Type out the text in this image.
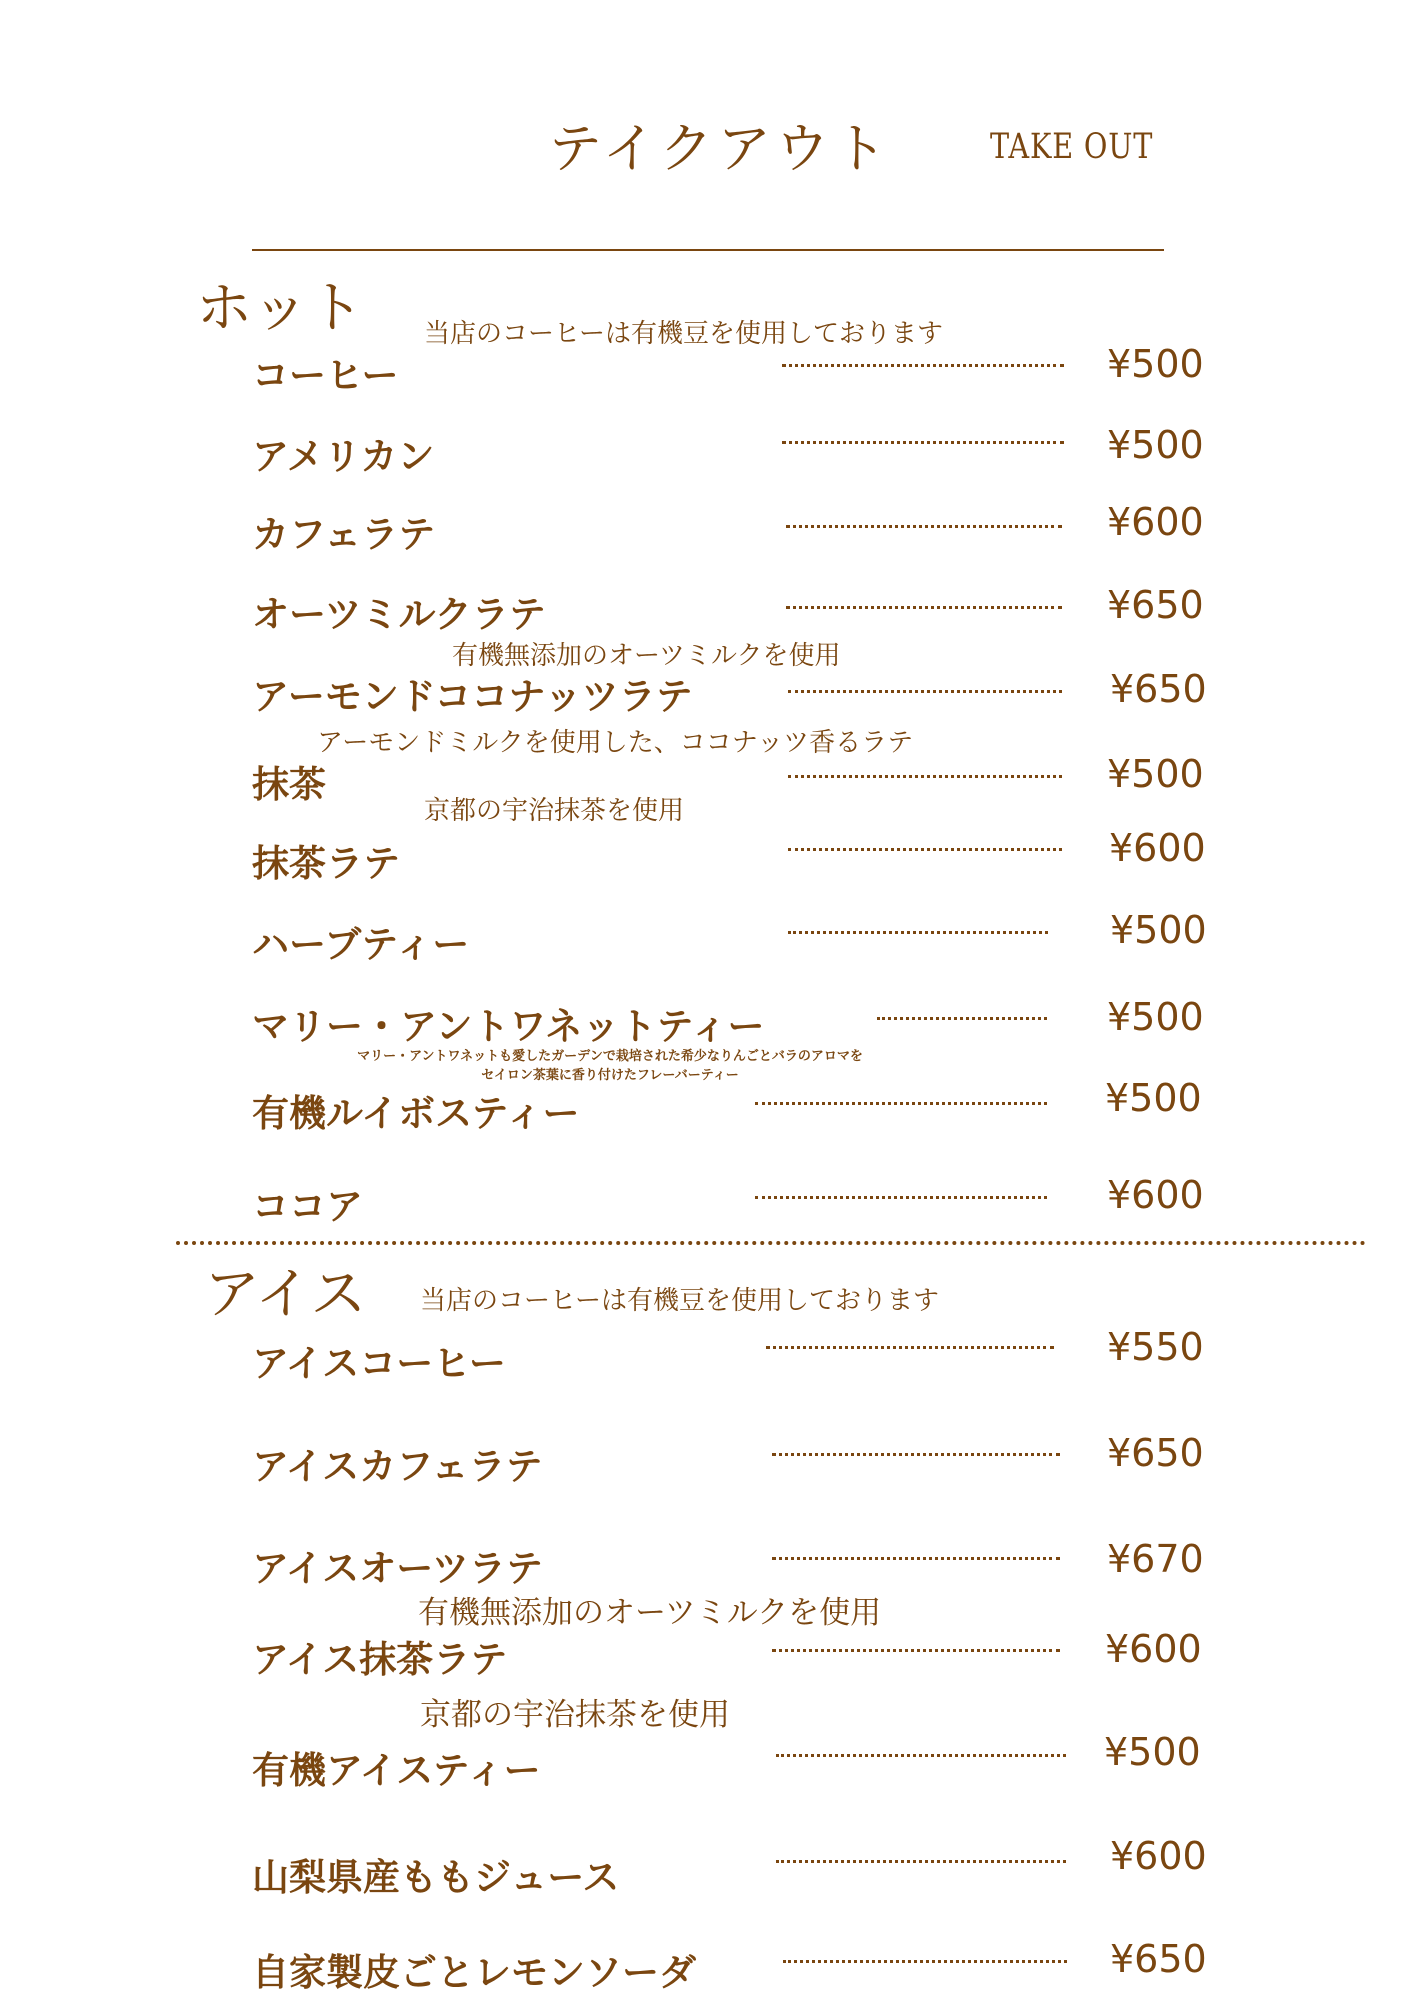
テイクアウト	TAKE OUT
ホット 当店のコーヒーは有機豆を使用しております
コーヒー	¥500
アメリカン	¥500
カフェラテ	¥600
オーツミルクラテ	¥650
有機無添加のオーツミルクを使用
アーモンドココナッツラテ	¥650
アーモンドミルクを使用した、ココナッツ香るラテ
抹茶	¥500
京都の宇治抹茶を使用
抹茶ラテ	¥600
ハーブティー	¥500
マリー・アントワネットティー	¥500
マリー・アントワネットも愛したガーデンで栽培された希少なりんごとバラのアロマを
セイロン茶葉に香り付けたフレーバーティー
有機ルイボスティー	¥500
ココア	¥600
アイス 当店のコーヒーは有機豆を使用しております
アイスコーヒー	¥550
アイスカフェラテ	¥650
アイスオーツラテ	¥670
有機無添加のオーツミルクを使用
アイス抹茶ラテ	¥600
京都の宇治抹茶を使用
有機アイスティー	¥500
山梨県産ももジュース	¥600
自家製皮ごとレモンソーダ	¥650
